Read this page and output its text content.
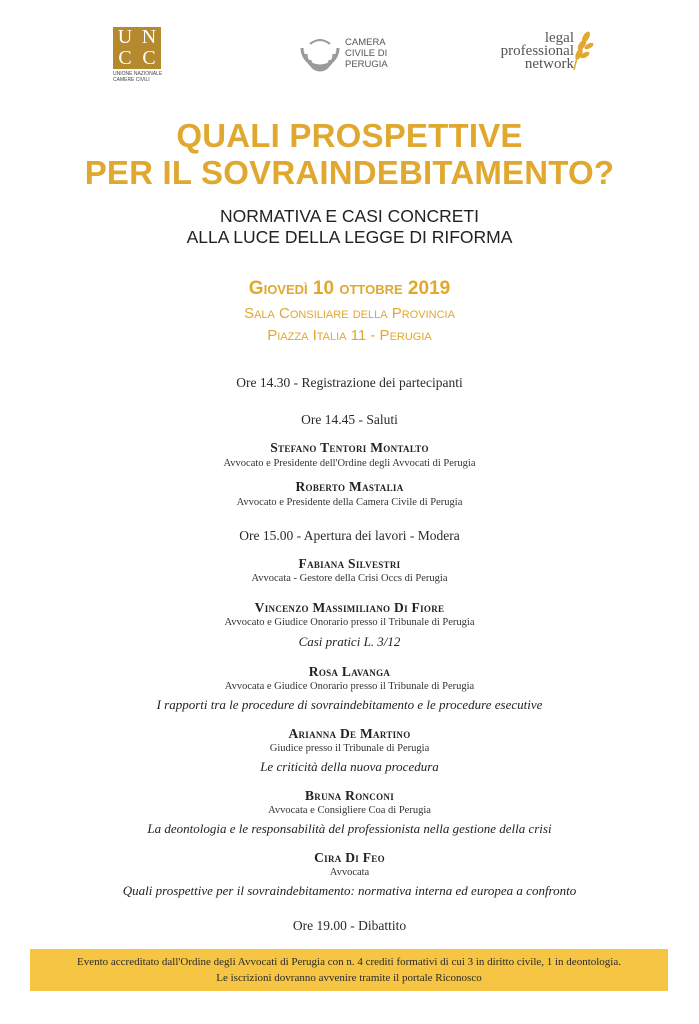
U N
C C
UNIONE NAZIONALE
CAMERE CIVILI
CAMERA
CIVILE DI
PERUGIA
legal
professional
network
QUALI PROSPETTIVE
PER IL SOVRAINDEBITAMENTO?
NORMATIVA E CASI CONCRETI
ALLA LUCE DELLA LEGGE DI RIFORMA
Giovedì 10 ottobre 2019
Sala Consiliare della Provincia
Piazza Italia 11 - Perugia
Ore 14.30 - Registrazione dei partecipanti
Ore 14.45 - Saluti
Stefano Tentori Montalto
Avvocato e Presidente dell'Ordine degli Avvocati di Perugia
Roberto Mastalia
Avvocato e Presidente della Camera Civile di Perugia
Ore 15.00 - Apertura dei lavori - Modera
Fabiana Silvestri
Avvocata - Gestore della Crisi Occs di Perugia
Vincenzo Massimiliano Di Fiore
Avvocato e Giudice Onorario presso il Tribunale di Perugia
Casi pratici L. 3/12
Rosa Lavanga
Avvocata e Giudice Onorario presso il Tribunale di Perugia
I rapporti tra le procedure di sovraindebitamento e le procedure esecutive
Arianna De Martino
Giudice presso il Tribunale di Perugia
Le criticità della nuova procedura
Bruna Ronconi
Avvocata e Consigliere Coa di Perugia
La deontologia e le responsabilità del professionista nella gestione della crisi
Cira Di Feo
Avvocata
Quali prospettive per il sovraindebitamento: normativa interna ed europea a confronto
Ore 19.00 - Dibattito
Evento accreditato dall'Ordine degli Avvocati di Perugia con n. 4 crediti formativi di cui 3 in diritto civile, 1 in deontologia.
Le iscrizioni dovranno avvenire tramite il portale Riconosco
